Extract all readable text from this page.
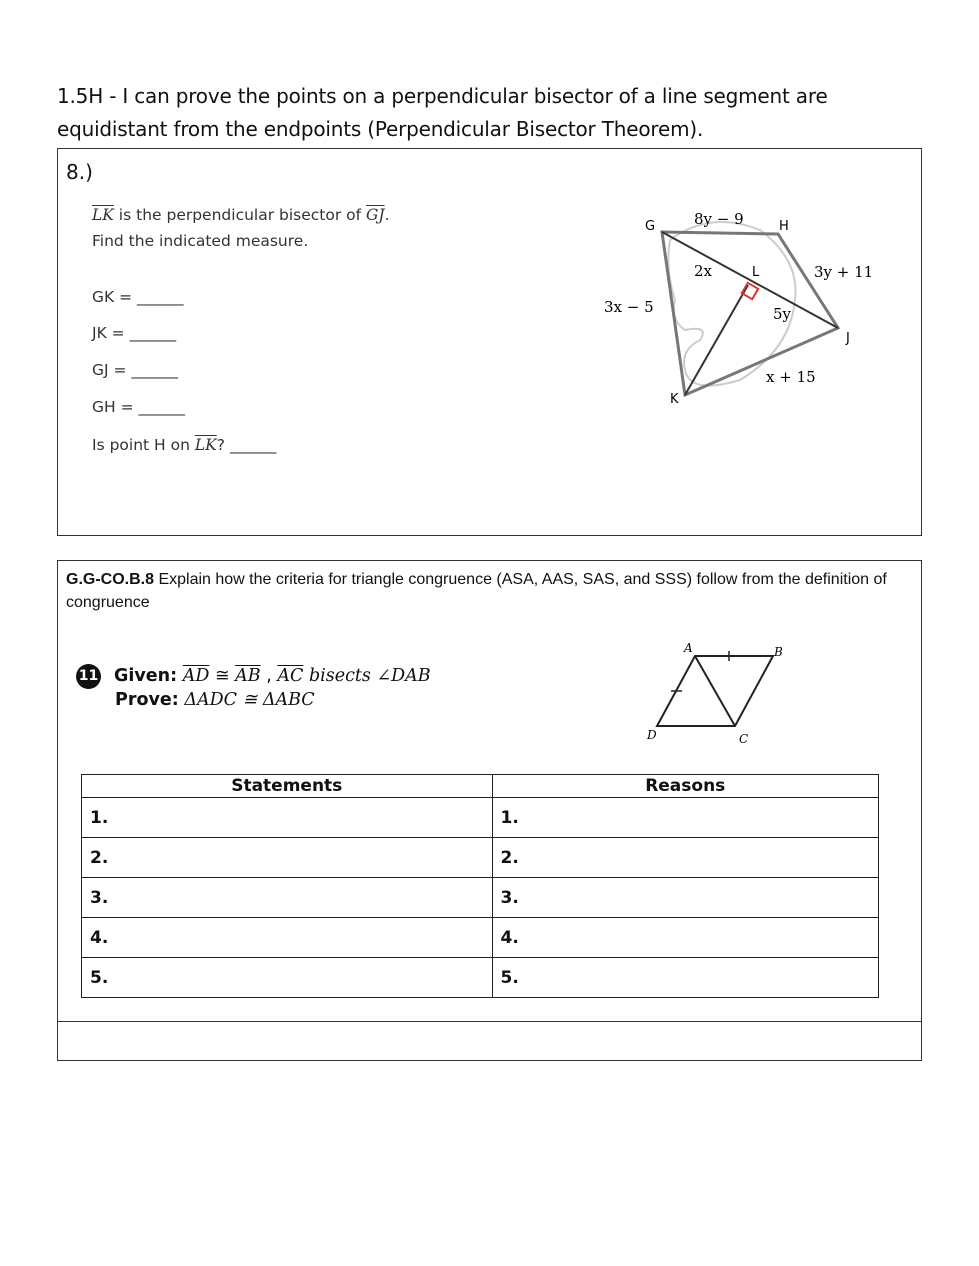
1.5H - I can prove the points on a perpendicular bisector of a line segment are
equidistant from the endpoints (Perpendicular Bisector Theorem).
8.)
$\overline{LK}$ is the perpendicular bisector of $\overline{GJ}$.
Find the indicated measure.
GK = ______
JK = ______
GJ = ______
GH = ______
Is point H on $\overline{LK}$? ______
G	H
L
J
K
8y − 9
2x	3y + 11
5y
3x − 5
x + 15
G.G-CO.B.8 Explain how the criteria for triangle congruence (ASA, AAS, SAS, and SSS) follow from the definition of congruence
11 Given: $\overline{AD}$ ≅ $\overline{AB}$ , $\overline{AC}$ bisects ∠DAB
Prove: ΔADC ≅ ΔABC
A	B
C
D
Statements	Reasons
1.	1.
2.	2.
3.	3.
4.	4.
5.	5.
